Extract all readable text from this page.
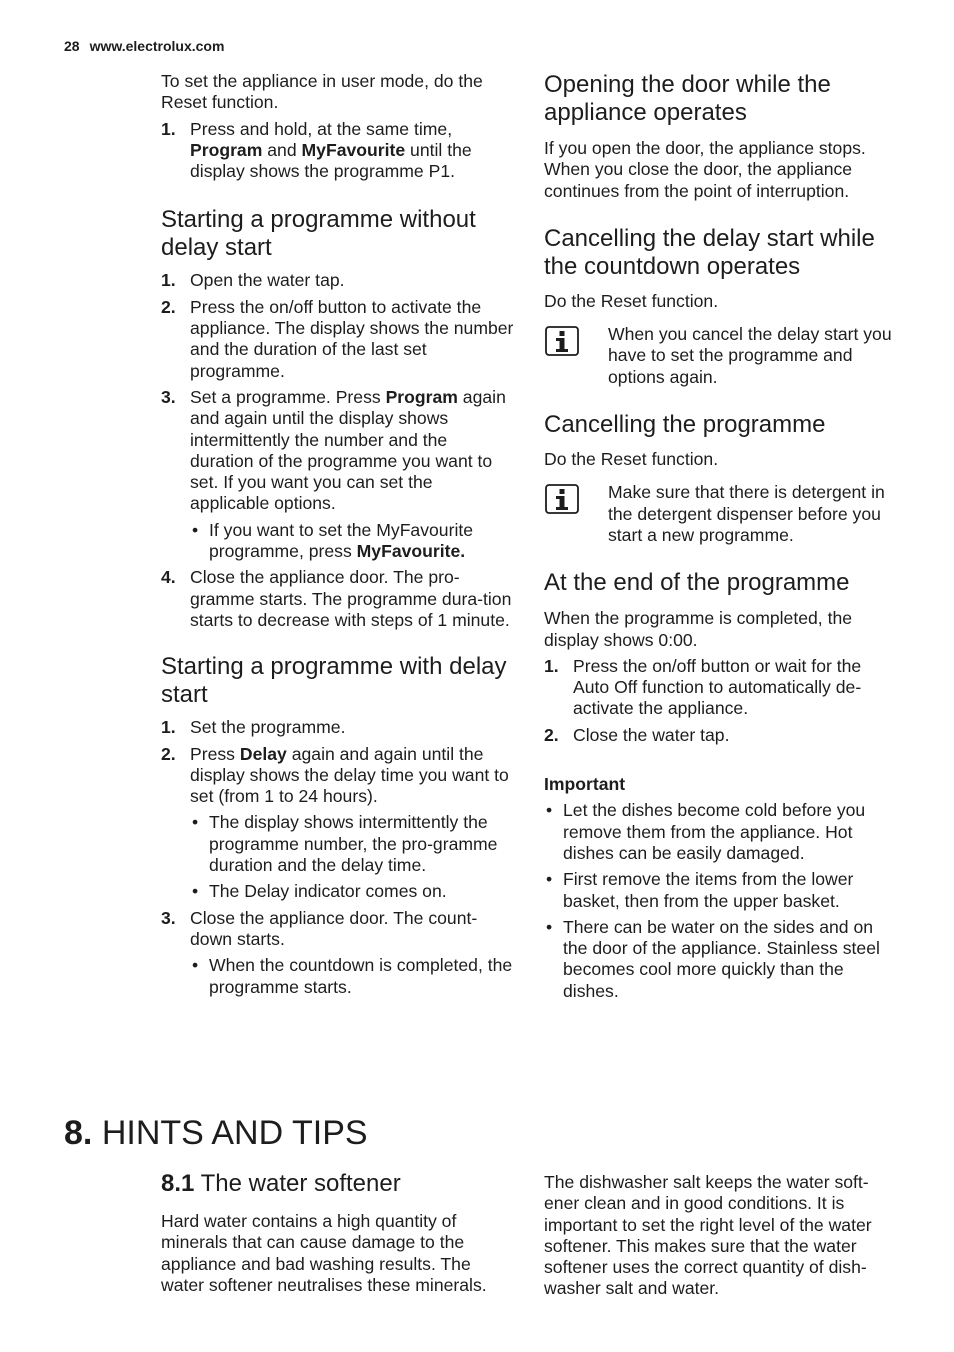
28 www.electrolux.com

To set the appliance in user mode, do the Reset function.

1. Press and hold, at the same time, Program and MyFavourite until the display shows the programme P1.
Starting a programme without delay start
1. Open the water tap.
2. Press the on/off button to activate the appliance. The display shows the number and the duration of the last set programme.
3. Set a programme. Press Program again and again until the display shows intermittently the number and the duration of the programme you want to set. If you want you can set the applicable options.
• If you want to set the MyFavourite programme, press MyFavourite.
4. Close the appliance door. The pro-gramme starts. The programme dura-tion starts to decrease with steps of 1 minute.
Starting a programme with delay start
1. Set the programme.
2. Press Delay again and again until the display shows the delay time you want to set (from 1 to 24 hours).
• The display shows intermittently the programme number, the pro-gramme duration and the delay time.
• The Delay indicator comes on.
3. Close the appliance door. The count-down starts.
• When the countdown is completed, the programme starts.
Opening the door while the appliance operates

If you open the door, the appliance stops. When you close the door, the appliance continues from the point of interruption.

Cancelling the delay start while the countdown operates

Do the Reset function.

When you cancel the delay start you have to set the programme and options again.

Cancelling the programme

Do the Reset function.

Make sure that there is detergent in the detergent dispenser before you start a new programme.

At the end of the programme

When the programme is completed, the display shows 0:00.

1. Press the on/off button or wait for the Auto Off function to automatically de-activate the appliance.
2. Close the water tap.

Important

• Let the dishes become cold before you remove them from the appliance. Hot dishes can be easily damaged.
• First remove the items from the lower basket, then from the upper basket.
• There can be water on the sides and on the door of the appliance. Stainless steel becomes cool more quickly than the dishes.
8. HINTS AND TIPS
8.1 The water softener

Hard water contains a high quantity of minerals that can cause damage to the appliance and bad washing results. The water softener neutralises these minerals.

The dishwasher salt keeps the water soft-ener clean and in good conditions. It is important to set the right level of the water softener. This makes sure that the water softener uses the correct quantity of dish-washer salt and water.
